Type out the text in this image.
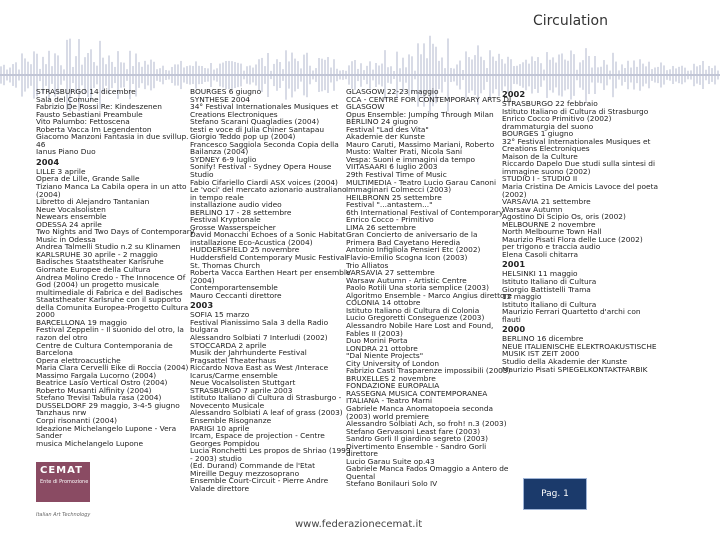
Circulation
STRASBURGO 14 dicembre
Sala del Comune
Fabrizio De Rossi Re: Kindeszenen
Fausto Sebastiani Preambule
Vito Palumbo: Fettoscena
Roberta Vacca Im Legendenton
Giacomo Manzoni Fantasia in due svillup.
46
Ianus Piano Duo
2004
LILLE 3 aprile
Opera de Lille, Grande Salle
Tiziano Manca La Cabila opera in un atto
(2004)
Libretto di Alejandro Tantanian
Neue Vocalsolisten
Newears ensemble
ODESSA 24 aprile
Two Nights and Two Days of Contemporary
Music in Odessa
Andrea Talmelli Studio n.2 su Klinamen
KARLSRUHE 30 aprile - 2 maggio
Badisches Staatstheater Karlsruhe
Giornate Europee della Cultura
Andrea Molino Credo - The Innocence Of
God (2004) un progetto musicale
multimediale di Fabrica e del Badisches
Staatstheater Karlsruhe con il supporto
della Comunita Europea-Progetto Cultura
2000
BARCELLONA 19 maggio
Festival Zeppelin - Il suonido del otro, la
razon del otro
Centre de Cultura Contemporania de
Barcelona
Opera elettroacustiche
Maria Clara Cervelli Eike di Roccia (2004)
Massimo Fargala Lucorno (2004)
Beatrice Lasio Vertical Ostro (2004)
Roberto Musanti Alfinity (2004)
Stefano Trevisi Tabula rasa (2004)
DUSSELDORF 29 maggio, 3-4-5 giugno
Tanzhaus nrw
Corpi risonanti (2004)
Ideazione Michelangelo Lupone - Vera
Sander
musica Michelangelo Lupone
BOURGES 6 giugno
SYNTHESE 2004
34° Festival Internationales Musiques et
Creations Electroniques
Stefano Scarani Quagladies (2004)
testi e voce di Julia Chiner Santapau
Giorgio Teddo pop up (2004)
Francesco Saggiola Seconda Copia della
Bailanza (2004)
SYDNEY 6-9 luglio
Sonify! Festival - Sydney Opera House
Studio
Fabio Cifariello Ciardi ASX voices (2004)
Le 'voci' del mercato azionario australiano
in tempo reale
installazione audio video
BERLINO 17 - 28 settembre
Festival Kryptonale
Grosse Wasserspeicher
David Monacchi Echoes of a Sonic Habitat
installazione Eco-Acustica (2004)
HUDDERSFIELD 25 novembre
Huddersfield Contemporary Music Festival
St. Thomas Church
Roberta Vacca Earthen Heart per ensemble
(2004)
Contemporartensemble
Mauro Ceccanti direttore
2003
SOFIA 15 marzo
Festival Pianissimo Sala 3 della Radio
bulgara
Alessandro Solbiati 7 Interludi (2002)
STOCCARDA 2 aprile
Musik der Jahrhunderte Festival
Pragsattel Theaterhaus
Riccardo Nova East as West /Interace
Icarus/Carme ensemble
Neue Vocalsolisten Stuttgart
STRASBURGO 7 aprile 2003
Istituto Italiano di Cultura di Strasburgo -
Novecento Musicale
Alessandro Solbiati A leaf of grass (2003)
Ensemble Risognanze
PARIGI 10 aprile
Ircam, Espace de projection - Centre
Georges Pompidou
Lucia Ronchetti Les propos de Shriao (1999
- 2003) studio
(Ed. Durand) Commande de l'Etat
Mireille Deguy mezzosoprano
Ensemble Court-Circuit - Pierre Andre
Valade direttore
GLASGOW 22-23 maggio
CCA - CENTRE FOR CONTEMPORARY ARTS DI
GLASGOW
Opus Ensemble: Jumping Through Milan
BERLINO 24 giugno
Festival "Lad des Vita"
Akademie der Kunste
Mauro Caruti, Massimo Mariani, Roberto
Musto: Walter Prati, Nicola Sani
Vespa: Suoni e immagini da tempo
VIITASAARI 6 luglio 2003
29th Festival Time of Music
MULTIMEDIA - Teatro Lucio Garau Canoni
Immaginari Colmecci (2003)
HEILBRONN 25 settembre
Festival "...antastem..."
6th International Festival of Contemporary
Enrico Cocco - Primitivo
LIMA 26 settembre
Gran Concierto de aniversario de la
Primera Bad Cayetano Heredia
Antonio Infigliola Pensieri Etc (2002)
Flavio-Emilio Scogna Icon (2003)
Trio Alliatos
VARSAVIA 27 settembre
Warsaw Autumn - Artistic Centre
Paolo Rotili Una storia semplice (2003)
Algoritmo Ensemble - Marco Angius direttore
COLONIA 14 ottobre
Istituto Italiano di Cultura di Colonia
Lucio Gregoretti Conseguenze (2003)
Alessandro Nobile Hare Lost and Found,
Fables II (2003)
Duo Morini Porta
LONDRA 21 ottobre
"Dal Niente Projects"
City University of London
Fabrizio Casti Trasparenze impossibili (2003)
BRUXELLES 2 novembre
FONDAZIONE EUROPALIA
RASSEGNA MUSICA CONTEMPORANEA
ITALIANA - Teatro Marni
Gabriele Manca Anomatopoeia seconda
(2003) world premiere
Alessandro Solbiati Ach, so froh! n.3 (2003)
Stefano Gervasoni Least fare (2003)
Sandro Gorli Il giardino segreto (2003)
Divertimento Ensemble - Sandro Gorli
direttore
Lucio Garau Suite op.43
Gabriele Manca Fados Omaggio a Antero de
Quental
Stefano Bonilauri Solo IV
2002
STRASBURGO 22 febbraio
Istituto Italiano di Cultura di Strasburgo
Enrico Cocco Primitivo (2002)
drammaturgia del suono
BOURGES 1 giugno
32° Festival Internationales Musiques et
Creations Electroniques
Maison de la Culture
Riccardo Dapelo Due studi sulla sintesi di
immagine suono (2002)
STUDIO I - STUDIO II
Maria Cristina De Amicis Lavoce del poeta
(2002)
VARSAVIA 21 settembre
Warsaw Autumn
Agostino Di Scipio Os, oris (2002)
MELBOURNE 2 novembre
North Melbourne Town Hall
Maurizio Pisati Flora delle Luce (2002)
per trigono e traccia audio
Elena Casoli chitarra
2001
HELSINKI 11 maggio
Istituto Italiano di Cultura
Giorgio Battistelli Trama
12 maggio
Istituto Italiano di Cultura
Maurizio Ferrari Quartetto d'archi con
flauti
2000
BERLINO 16 dicembre
NEUE ITALIENISCHE ELEKTROAKUSTISCHE
MUSIK IST ZEIT 2000
Studio della Akademie der Kunste
Maurizio Pisati SPIEGELKONTAKTFARBIK
CEMAT
Ente di Promozione
Italian Art Technology
Pag. 1
www.federazionecemat.it
